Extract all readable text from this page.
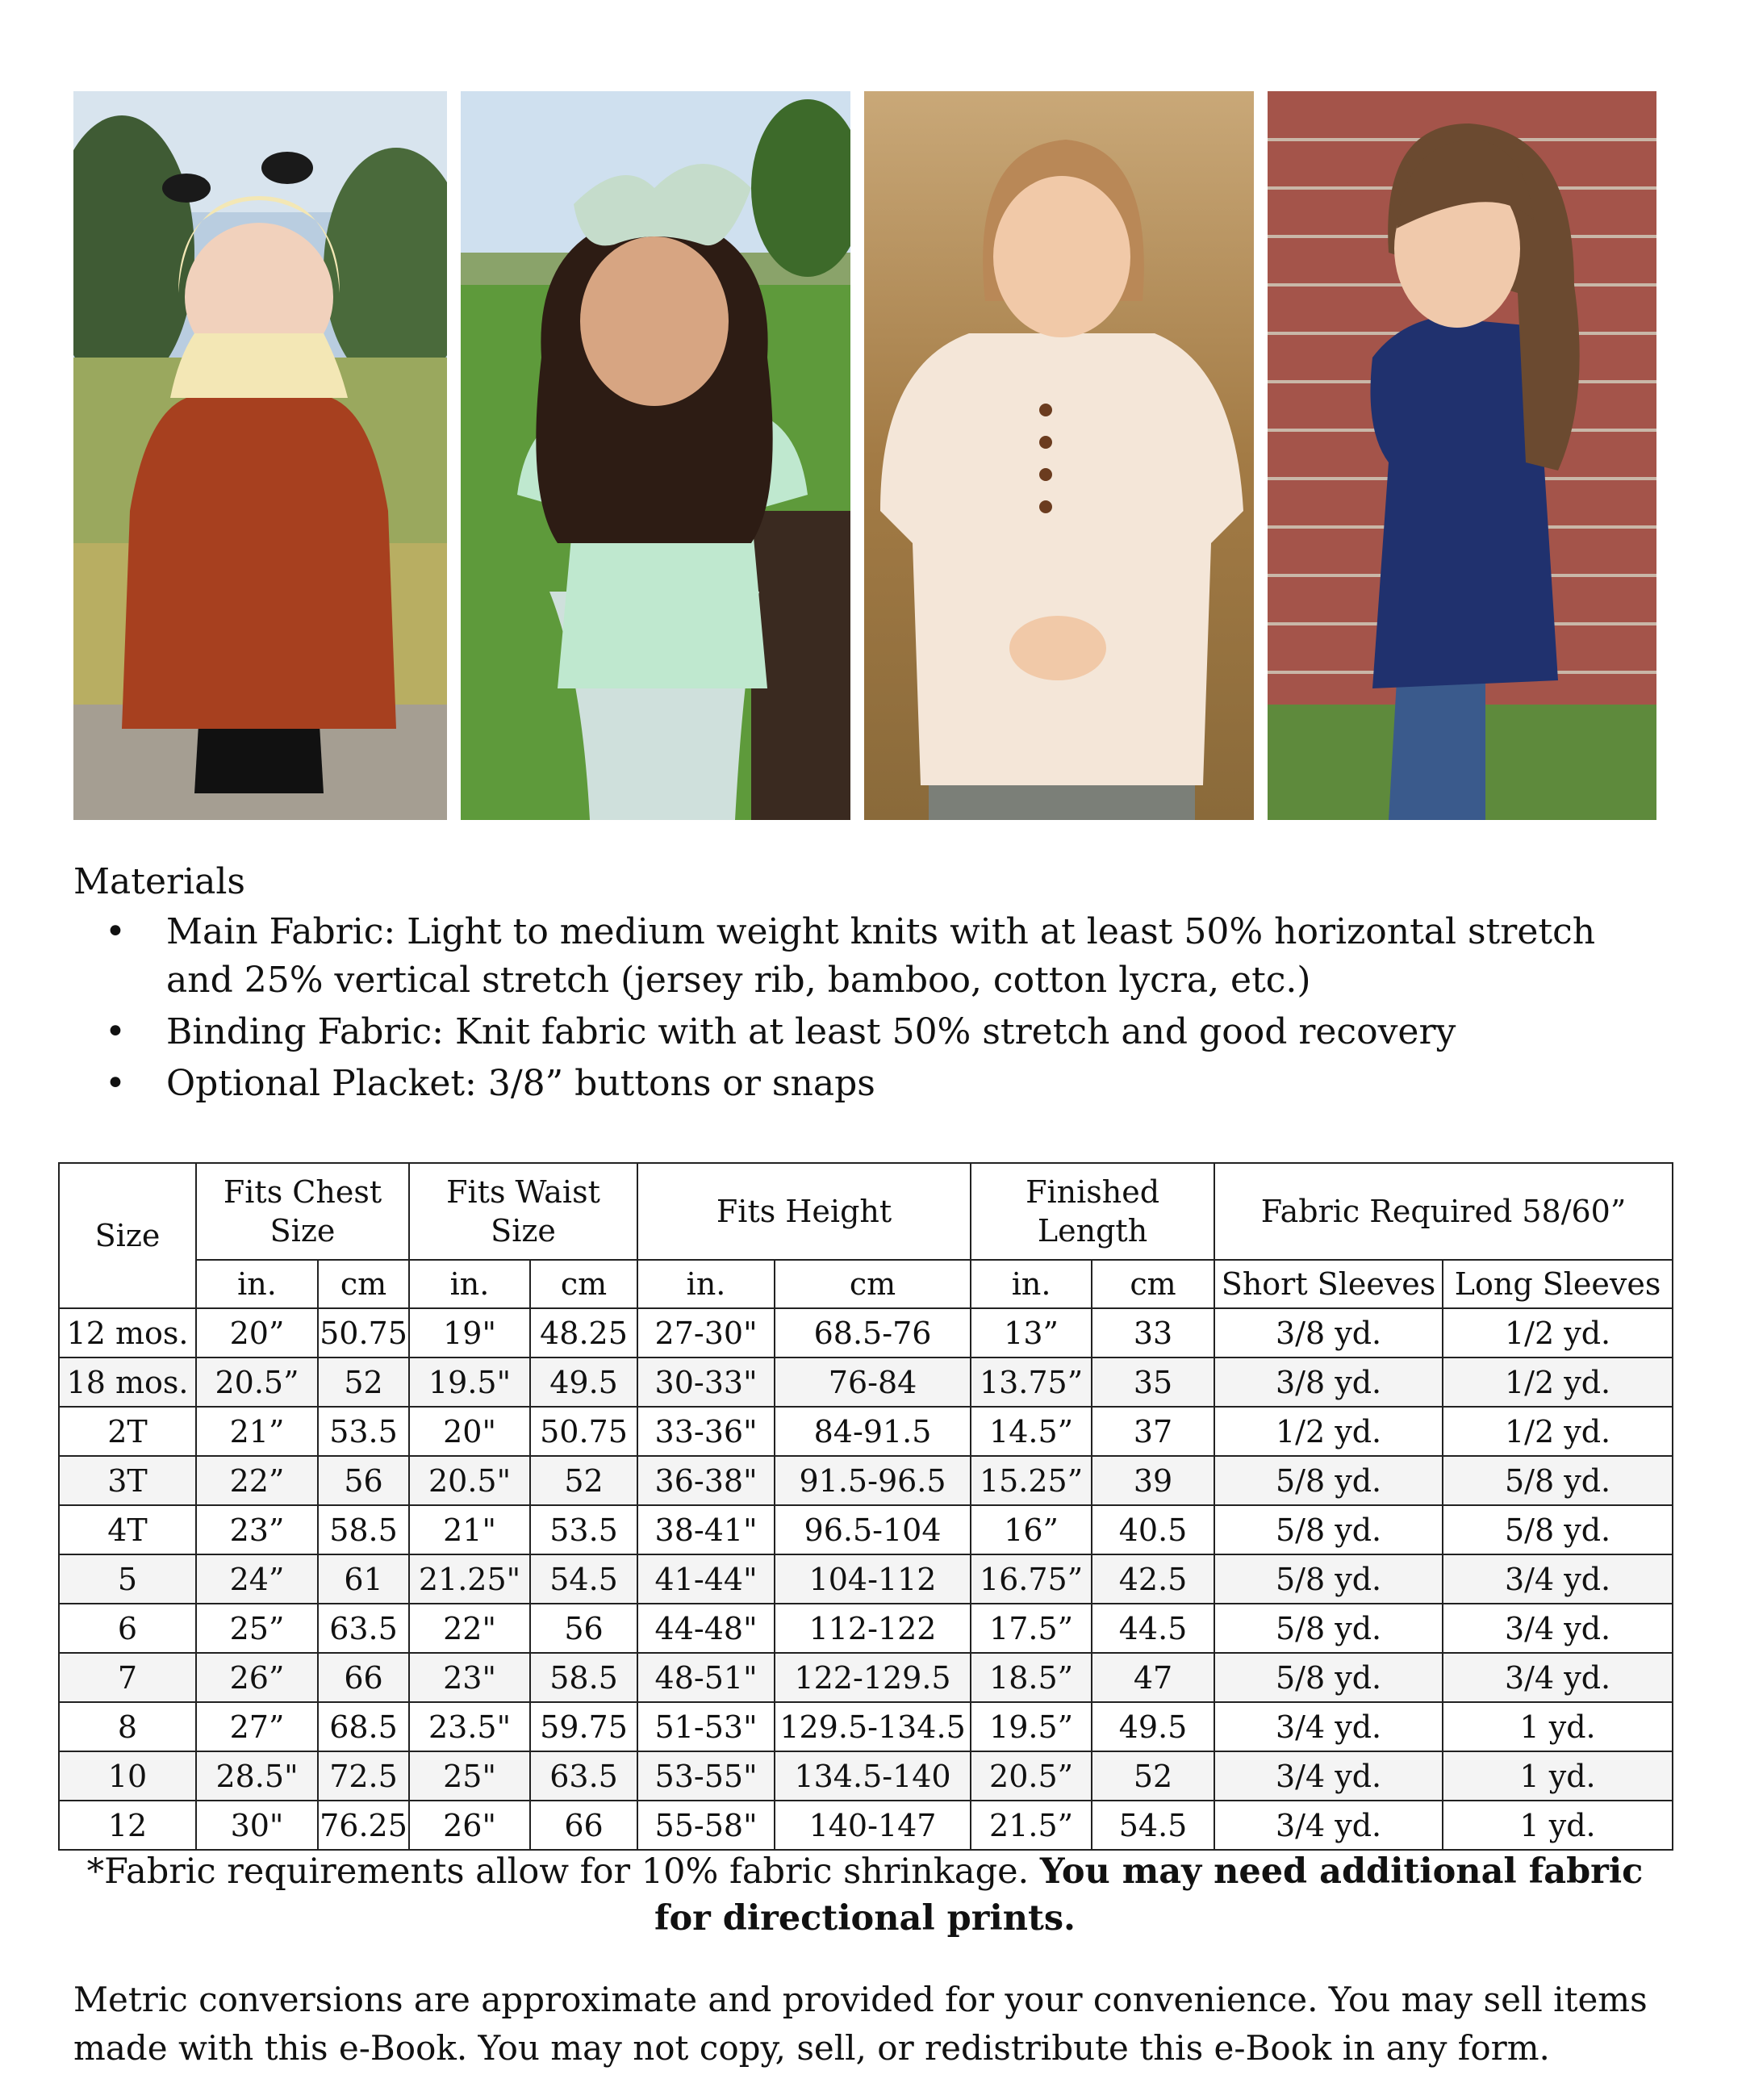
Materials
• Main Fabric: Light to medium weight knits with at least 50% horizontal stretch and 25% vertical stretch (jersey rib, bamboo, cotton lycra, etc.)
• Binding Fabric: Knit fabric with at least 50% stretch and good recovery
• Optional Placket: 3/8” buttons or snaps
Size	Fits Chest Size		Fits Waist Size		Fits Height		Finished Length		Fabric Required 58/60”	
	in.	cm	in.	cm	in.	cm	in.	cm	Short Sleeves	Long Sleeves
12 mos.	20”	50.75	19"	48.25	27-30"	68.5-76	13”	33	3/8 yd.	1/2 yd.
18 mos.	20.5”	52	19.5"	49.5	30-33"	76-84	13.75”	35	3/8 yd.	1/2 yd.
2T	21”	53.5	20"	50.75	33-36"	84-91.5	14.5”	37	1/2 yd.	1/2 yd.
3T	22”	56	20.5"	52	36-38"	91.5-96.5	15.25”	39	5/8 yd.	5/8 yd.
4T	23”	58.5	21"	53.5	38-41"	96.5-104	16”	40.5	5/8 yd.	5/8 yd.
5	24”	61	21.25"	54.5	41-44"	104-112	16.75”	42.5	5/8 yd.	3/4 yd.
6	25”	63.5	22"	56	44-48"	112-122	17.5”	44.5	5/8 yd.	3/4 yd.
7	26”	66	23"	58.5	48-51"	122-129.5	18.5”	47	5/8 yd.	3/4 yd.
8	27”	68.5	23.5"	59.75	51-53"	129.5-134.5	19.5”	49.5	3/4 yd.	1 yd.
10	28.5"	72.5	25"	63.5	53-55"	134.5-140	20.5”	52	3/4 yd.	1 yd.
12	30"	76.25	26"	66	55-58"	140-147	21.5”	54.5	3/4 yd.	1 yd.

*Fabric requirements allow for 10% fabric shrinkage. You may need additional fabric for directional prints.

Metric conversions are approximate and provided for your convenience. You may sell items made with this e-Book. You may not copy, sell, or redistribute this e-Book in any form.
